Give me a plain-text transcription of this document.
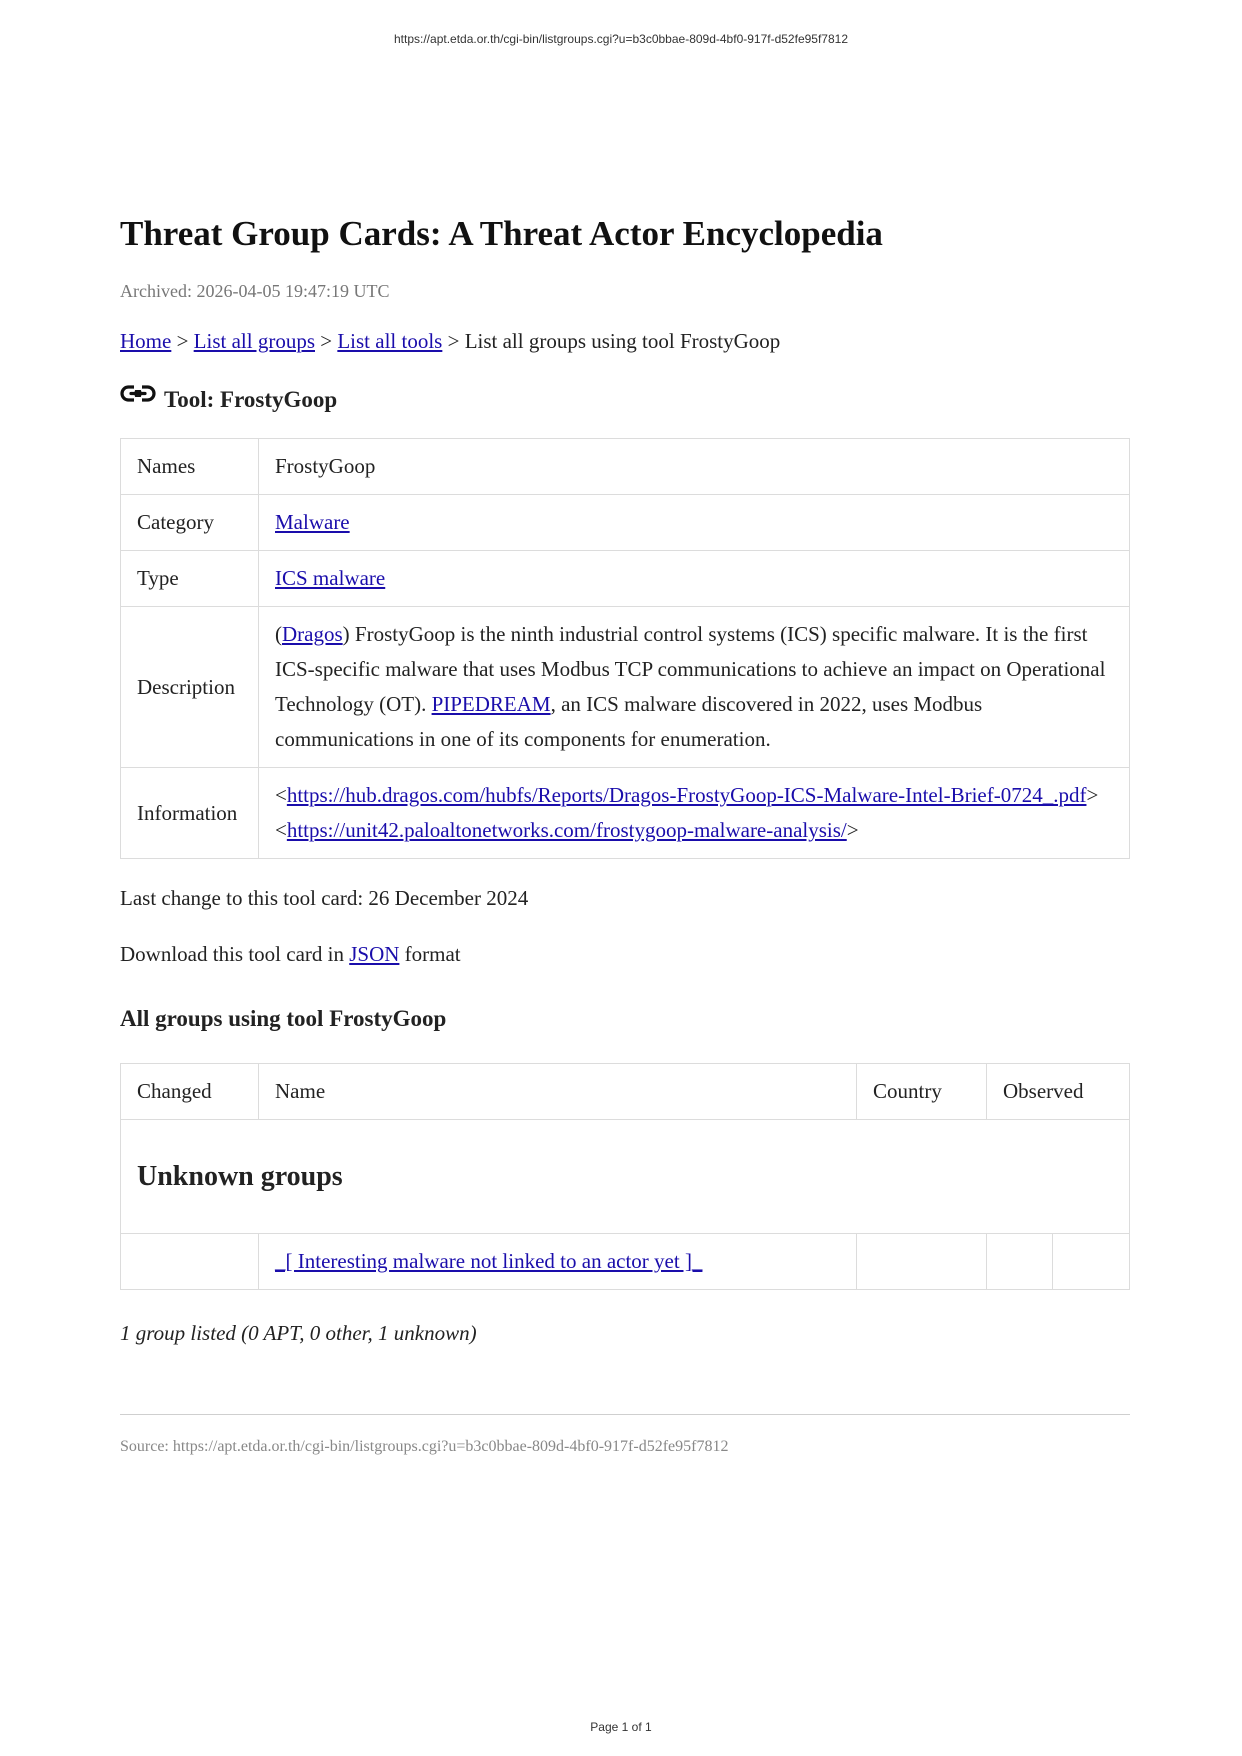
https://apt.etda.or.th/cgi-bin/listgroups.cgi?u=b3c0bbae-809d-4bf0-917f-d52fe95f7812
Threat Group Cards: A Threat Actor Encyclopedia
Archived: 2026-04-05 19:47:19 UTC
Home > List all groups > List all tools > List all groups using tool FrostyGoop
Tool: FrostyGoop
Names	FrostyGoop
Category	Malware
Type	ICS malware
Description	(Dragos) FrostyGoop is the ninth industrial control systems (ICS) specific malware. It is the first ICS-specific malware that uses Modbus TCP communications to achieve an impact on Operational Technology (OT). PIPEDREAM, an ICS malware discovered in 2022, uses Modbus communications in one of its components for enumeration.
Information	<https://hub.dragos.com/hubfs/Reports/Dragos-FrostyGoop-ICS-Malware-Intel-Brief-0724_.pdf>
<https://unit42.paloaltonetworks.com/frostygoop-malware-analysis/>
Last change to this tool card: 26 December 2024
Download this tool card in JSON format
All groups using tool FrostyGoop
Changed	Name	Country	Observed	
Unknown groups				
	_[ Interesting malware not linked to an actor yet ]_			
1 group listed (0 APT, 0 other, 1 unknown)
Source: https://apt.etda.or.th/cgi-bin/listgroups.cgi?u=b3c0bbae-809d-4bf0-917f-d52fe95f7812
Page 1 of 1
